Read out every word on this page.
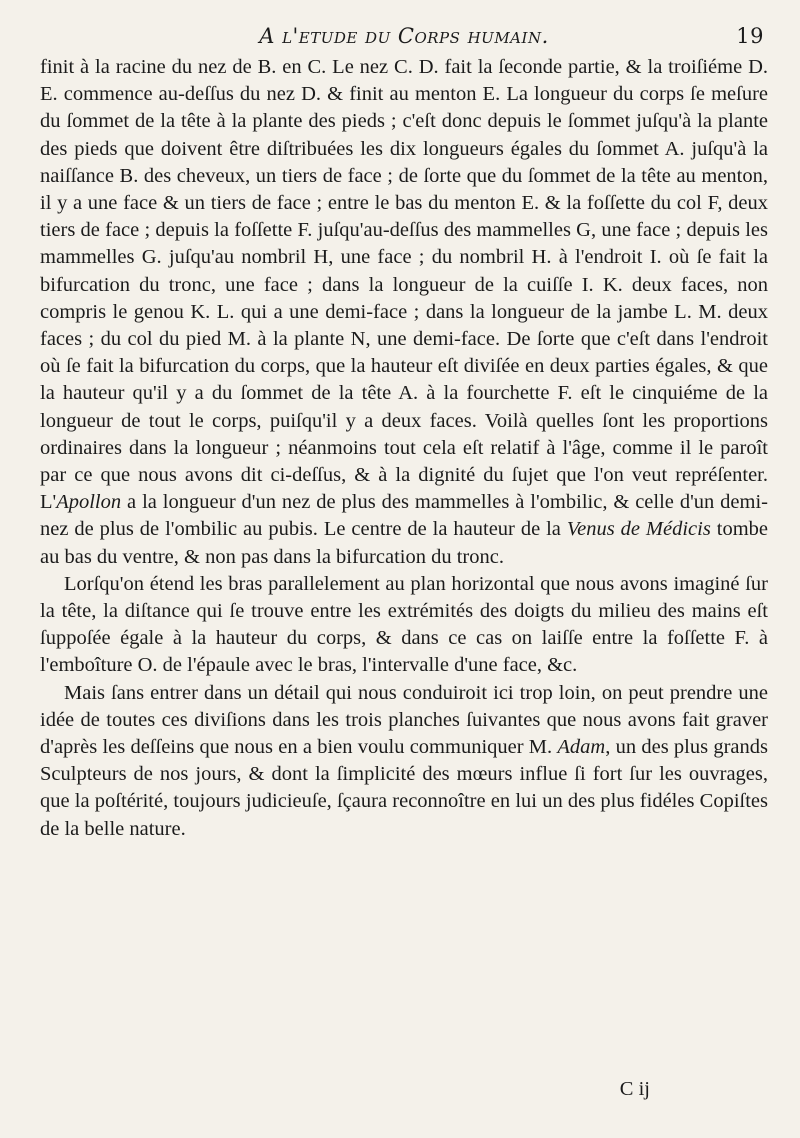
A l'etude du Corps humain.	19

finit à la racine du nez de B. en C. Le nez C. D. fait la ſeconde partie, & la troiſiéme D. E. commence au-deſſus du nez D. & finit au menton E. La longueur du corps ſe meſure du ſommet de la tête à la plante des pieds ; c'eſt donc depuis le ſommet juſqu'à la plante des pieds que doivent être diſtribuées les dix longueurs égales du ſommet A. juſqu'à la naiſſance B. des cheveux, un tiers de face ; de ſorte que du ſommet de la tête au menton, il y a une face & un tiers de face ; entre le bas du menton E. & la foſſette du col F, deux tiers de face ; depuis la foſſette F. juſqu'au-deſſus des mammelles G, une face ; depuis les mammelles G. juſqu'au nombril H, une face ; du nombril H. à l'endroit I. où ſe fait la bifurcation du tronc, une face ; dans la longueur de la cuiſſe I. K. deux faces, non compris le genou K. L. qui a une demi-face ; dans la longueur de la jambe L. M. deux faces ; du col du pied M. à la plante N, une demi-face. De ſorte que c'eſt dans l'endroit où ſe fait la bifurcation du corps, que la hauteur eſt diviſée en deux parties égales, & que la hauteur qu'il y a du ſommet de la tête A. à la fourchette F. eſt le cinquiéme de la longueur de tout le corps, puiſqu'il y a deux faces. Voilà quelles ſont les proportions ordinaires dans la longueur ; néanmoins tout cela eſt relatif à l'âge, comme il le paroît par ce que nous avons dit ci-deſſus, & à la dignité du ſujet que l'on veut repréſenter. L'Apollon a la longueur d'un nez de plus des mammelles à l'ombilic, & celle d'un demi-nez de plus de l'ombilic au pubis. Le centre de la hauteur de la Venus de Médicis tombe au bas du ventre, & non pas dans la bifurcation du tronc.

Lorſqu'on étend les bras parallelement au plan horizontal que nous avons imaginé ſur la tête, la diſtance qui ſe trouve entre les extrémités des doigts du milieu des mains eſt ſuppoſée égale à la hauteur du corps, & dans ce cas on laiſſe entre la foſſette F. à l'emboîture O. de l'épaule avec le bras, l'intervalle d'une face, &c.

Mais ſans entrer dans un détail qui nous conduiroit ici trop loin, on peut prendre une idée de toutes ces diviſions dans les trois planches ſuivantes que nous avons fait graver d'après les deſſeins que nous en a bien voulu communiquer M. Adam, un des plus grands Sculpteurs de nos jours, & dont la ſimplicité des mœurs influe ſi fort ſur les ouvrages, que la poſtérité, toujours judicieuſe, ſçaura reconnoître en lui un des plus fidéles Copiſtes de la belle nature.

C ij
